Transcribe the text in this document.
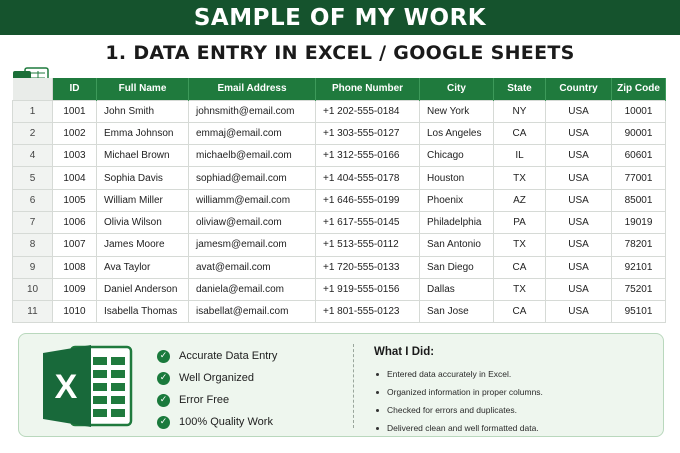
SAMPLE OF MY WORK
1. DATA ENTRY IN EXCEL / GOOGLE SHEETS
	ID	Full Name	Email Address	Phone Number	City	State	Country	Zip Code
1	1001	John Smith	johnsmith@email.com	+1 202-555-0184	New York	NY	USA	10001
2	1002	Emma Johnson	emmaj@email.com	+1 303-555-0127	Los Angeles	CA	USA	90001
4	1003	Michael Brown	michaelb@email.com	+1 312-555-0166	Chicago	IL	USA	60601
5	1004	Sophia Davis	sophiad@email.com	+1 404-555-0178	Houston	TX	USA	77001
6	1005	William Miller	williamm@email.com	+1 646-555-0199	Phoenix	AZ	USA	85001
7	1006	Olivia Wilson	oliviaw@email.com	+1 617-555-0145	Philadelphia	PA	USA	19019
8	1007	James Moore	jamesm@email.com	+1 513-555-0112	San Antonio	TX	USA	78201
9	1008	Ava Taylor	avat@email.com	+1 720-555-0133	San Diego	CA	USA	92101
10	1009	Daniel Anderson	daniela@email.com	+1 919-555-0156	Dallas	TX	USA	75201
11	1010	Isabella Thomas	isabellat@email.com	+1 801-555-0123	San Jose	CA	USA	95101
X
✓ Accurate Data Entry
✓ Well Organized
✓ Error Free
✓ 100% Quality Work
What I Did:
Entered data accurately in Excel.
Organized information in proper columns.
Checked for errors and duplicates.
Delivered clean and well formatted data.
